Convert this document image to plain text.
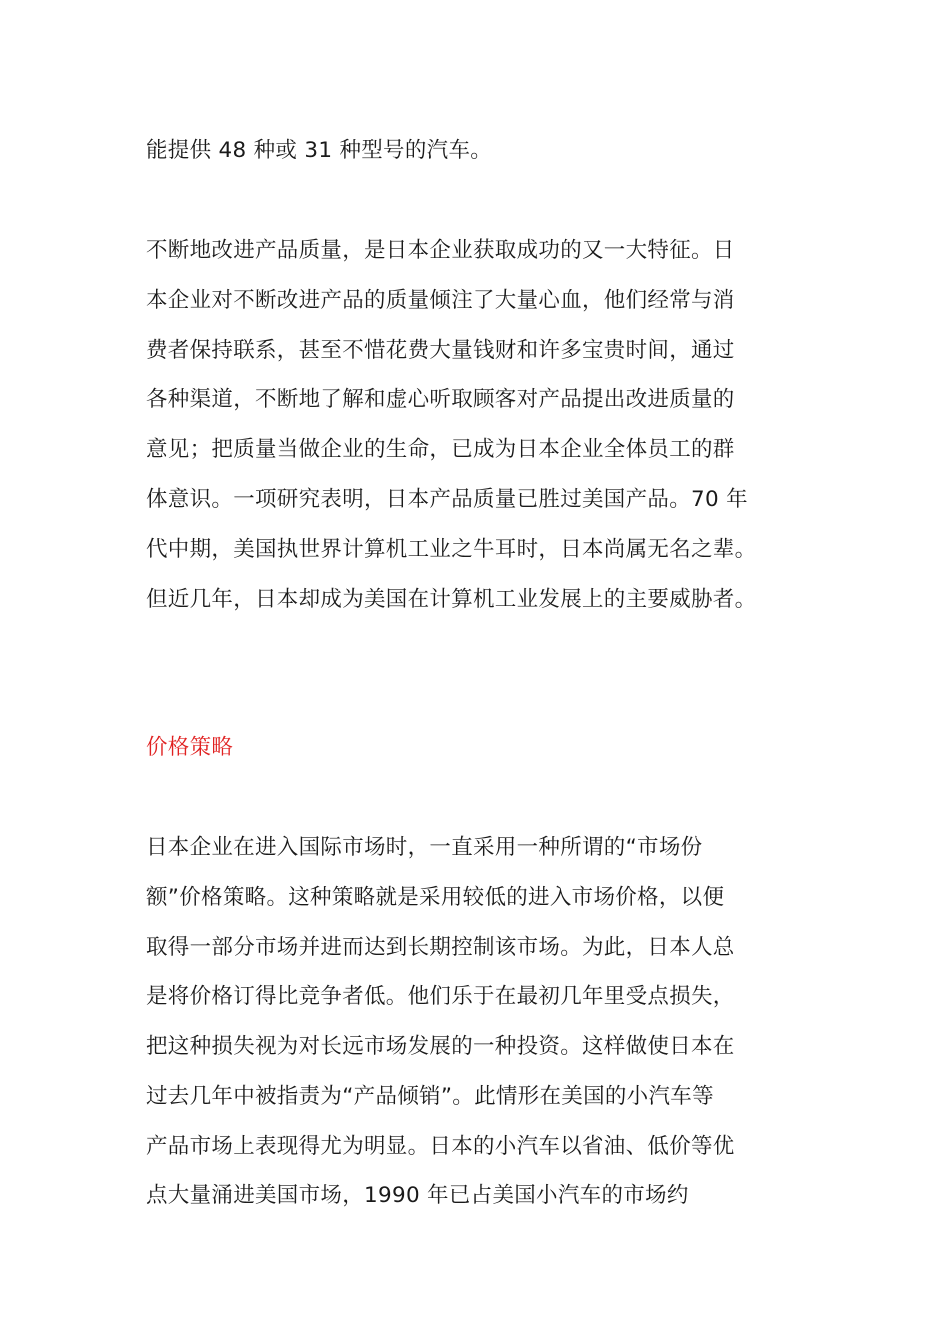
能提供 48 种或 31 种型号的汽车。
不断地改进产品质量，是日本企业获取成功的又一大特征。日
本企业对不断改进产品的质量倾注了大量心血，他们经常与消
费者保持联系，甚至不惜花费大量钱财和许多宝贵时间，通过
各种渠道，不断地了解和虚心听取顾客对产品提出改进质量的
意见；把质量当做企业的生命，已成为日本企业全体员工的群
体意识。一项研究表明，日本产品质量已胜过美国产品。70 年
代中期，美国执世界计算机工业之牛耳时，日本尚属无名之辈。
但近几年，日本却成为美国在计算机工业发展上的主要威胁者。
价格策略
日本企业在进入国际市场时，一直采用一种所谓的“市场份
额”价格策略。这种策略就是采用较低的进入市场价格，以便
取得一部分市场并进而达到长期控制该市场。为此，日本人总
是将价格订得比竞争者低。他们乐于在最初几年里受点损失，
把这种损失视为对长远市场发展的一种投资。这样做使日本在
过去几年中被指责为“产品倾销”。此情形在美国的小汽车等
产品市场上表现得尤为明显。日本的小汽车以省油、低价等优
点大量涌进美国市场，1990 年已占美国小汽车的市场约
